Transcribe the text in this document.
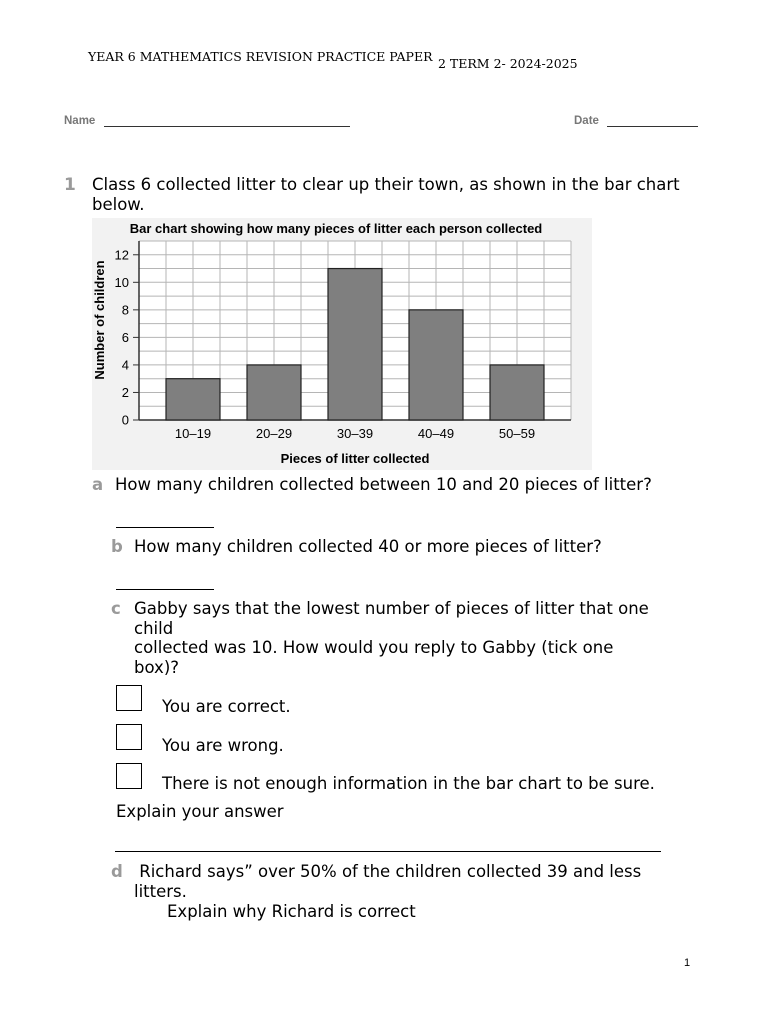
YEAR 6 MATHEMATICS REVISION PRACTICE PAPER 2 TERM 2- 2024-2025
Name	Date
1 Class 6 collected litter to clear up their town, as shown in the bar chart below.
Bar chart showing how many pieces of litter each person collected
0
2
4
6
8
10
12
10–19	20–29	30–39	40–49	50–59
Number of children
Pieces of litter collected
a How many children collected between 10 and 20 pieces of litter?
b How many children collected 40 or more pieces of litter?
c Gabby says that the lowest number of pieces of litter that one
child
collected was 10. How would you reply to Gabby (tick one
box)?
You are correct.
You are wrong.
There is not enough information in the bar chart to be sure.
Explain your answer
d Richard says” over 50% of the children collected 39 and less
litters.
Explain why Richard is correct
1
